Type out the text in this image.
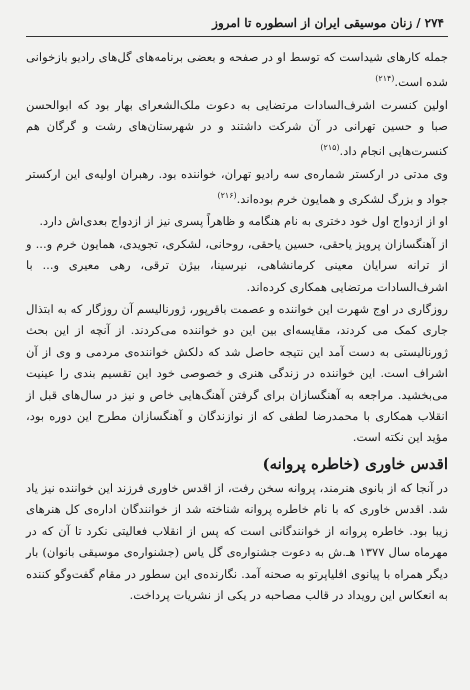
۲۷۴
/
زنان موسیقی ایران از اسطوره تا امروز

جمله کارهای شیداست که توسط او در صفحه و بعضی برنامه‌های گل‌های رادیو بازخوانی شده است.$^{(۲۱۴)}$

اولین کنسرت اشرف‌السادات مرتضایی به دعوت ملک‌الشعرای بهار بود که ابوالحسن صبا و حسین تهرانی در آن شرکت داشتند و در شهرستان‌های رشت و گرگان هم کنسرت‌هایی انجام داد.$^{(۲۱۵)}$

وی مدتی در ارکستر شماره‌ی سه رادیو تهران، خواننده بود. رهبران اولیه‌ی این ارکستر جواد و بزرگ لشکری و همایون خرم بوده‌اند.$^{(۲۱۶)}$

او از ازدواج اول خود دختری به نام هنگامه و ظاهراً پسری نیز از ازدواج بعدی‌اش دارد.

از آهنگسازان پرویز یاحقی، حسین یاحقی، روحانی، لشکری، تجویدی، همایون خرم و... و از ترانه سرایان معینی کرمانشاهی، نیرسینا، بیژن ترقی، رهی معیری و... با اشرف‌السادات مرتضایی همکاری کرده‌اند.

روزگاری در اوج شهرت این خواننده و عصمت باقرپور، ژورنالیسم آن روزگار که به ابتذال جاری کمک می کردند، مقایسه‌ای بین این دو خواننده می‌کردند. از آنچه از این بحث ژورنالیستی به دست آمد این نتیجه حاصل شد که دلکش خواننده‌ی مردمی و وی از آن اشراف است. این خواننده در زندگی هنری و خصوصی خود این تقسیم بندی را عینیت می‌بخشید. مراجعه به آهنگسازان برای گرفتن آهنگ‌هایی خاص و نیز در سال‌های قبل از انقلاب همکاری با محمدرضا لطفی که از نوازندگان و آهنگسازان مطرح این دوره بود، مؤید این نکته است.

اقدس خاوری (خاطره پروانه)

در آنجا که از بانوی هنرمند، پروانه سخن رفت، از اقدس خاوری فرزند این خواننده نیز یاد شد. اقدس خاوری که با نام خاطره پروانه شناخته شد از خوانندگان اداره‌ی کل هنرهای زیبا بود. خاطره پروانه از خوانندگانی است که پس از انقلاب فعالیتی نکرد تا آن که در مهرماه سال ۱۳۷۷ هـ.ش به دعوت جشنواره‌ی گل یاس (جشنواره‌ی موسیقی بانوان) بار دیگر همراه با پیانوی افلیاپرتو به صحنه آمد. نگارنده‌ی این سطور در مقام گفت‌وگو کننده به انعکاس این رویداد در قالب مصاحبه در یکی از نشریات پرداخت.
